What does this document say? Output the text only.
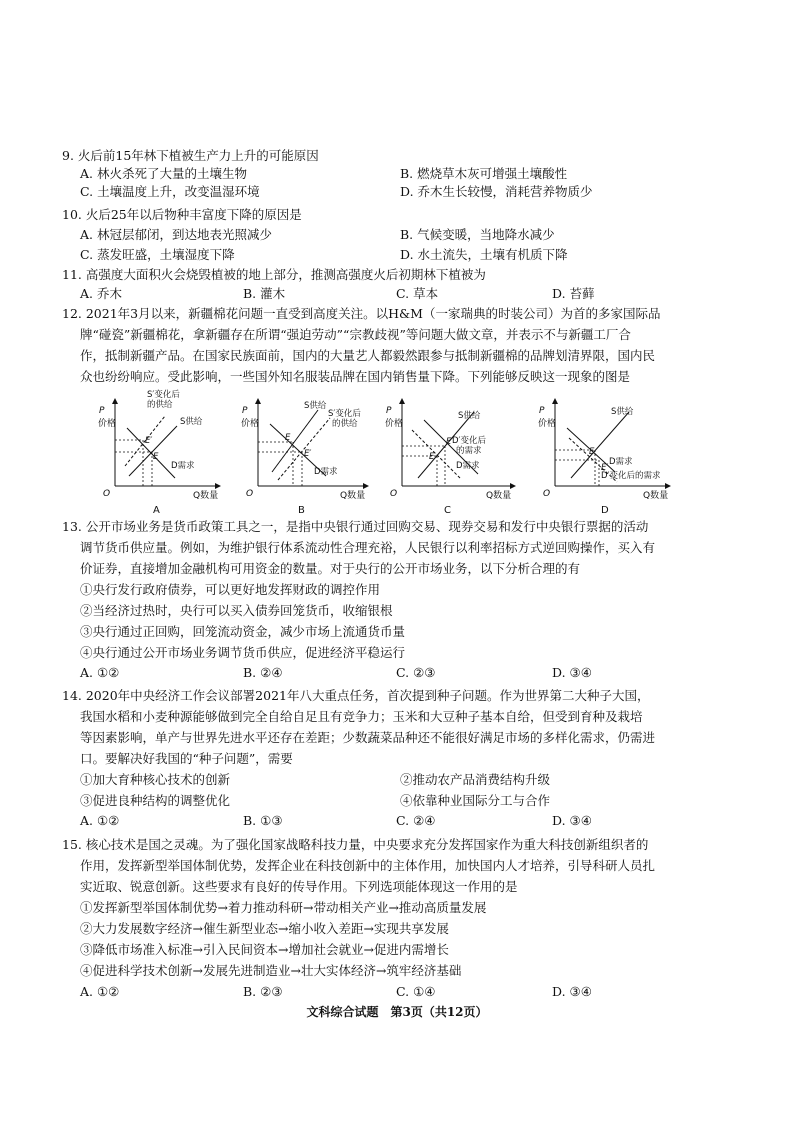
9. 火后前15年林下植被生产力上升的可能原因
A. 林火杀死了大量的土壤生物	B. 燃烧草木灰可增强土壤酸性
C. 土壤温度上升，改变温湿环境	D. 乔木生长较慢，消耗营养物质少
10. 火后25年以后物种丰富度下降的原因是
A. 林冠层郁闭，到达地表光照减少	B. 气候变暖，当地降水减少
C. 蒸发旺盛，土壤湿度下降	D. 水土流失，土壤有机质下降
11. 高强度大面积火会烧毁植被的地上部分，推测高强度火后初期林下植被为
A. 乔木	B. 灌木	C. 草本	D. 苔藓
12. 2021年3月以来，新疆棉花问题一直受到高度关注。以H&M（一家瑞典的时装公司）为首的多家国际品
牌“碰瓷”新疆棉花，拿新疆存在所谓“强迫劳动”“宗教歧视”等问题大做文章，并表示不与新疆工厂合
作，抵制新疆产品。在国家民族面前，国内的大量艺人都毅然跟参与抵制新疆棉的品牌划清界限，国内民
众也纷纷响应。受此影响，一些国外知名服装品牌在国内销售量下降。下列能够反映这一现象的图是
P
价格
O	Q数量
S′变化后
的供给
S供给
D需求
E
E′
A
P
价格
O	Q数量
S供给
S′变化后
的供给
D需求
E
E′
B
P
价格
O	Q数量
S供给
D′变化后
的需求
D需求
E
E′
C
P
价格
O	Q数量
S供给
D需求
D′变化后的需求
E
E′
D
13. 公开市场业务是货币政策工具之一，是指中央银行通过回购交易、现券交易和发行中央银行票据的活动
调节货币供应量。例如，为维护银行体系流动性合理充裕，人民银行以利率招标方式逆回购操作，买入有
价证券，直接增加金融机构可用资金的数量。对于央行的公开市场业务，以下分析合理的有
①央行发行政府债券，可以更好地发挥财政的调控作用
②当经济过热时，央行可以买入债券回笼货币，收缩银根
③央行通过正回购，回笼流动资金，减少市场上流通货币量
④央行通过公开市场业务调节货币供应，促进经济平稳运行
A. ①②	B. ②④	C. ②③	D. ③④
14. 2020年中央经济工作会议部署2021年八大重点任务，首次提到种子问题。作为世界第二大种子大国，
我国水稻和小麦种源能够做到完全自给自足且有竞争力；玉米和大豆种子基本自给，但受到育种及栽培
等因素影响，单产与世界先进水平还存在差距；少数蔬菜品种还不能很好满足市场的多样化需求，仍需进
口。要解决好我国的“种子问题”，需要
①加大育种核心技术的创新	②推动农产品消费结构升级
③促进良种结构的调整优化	④依靠种业国际分工与合作
A. ①②	B. ①③	C. ②④	D. ③④
15. 核心技术是国之灵魂。为了强化国家战略科技力量，中央要求充分发挥国家作为重大科技创新组织者的
作用，发挥新型举国体制优势，发挥企业在科技创新中的主体作用，加快国内人才培养，引导科研人员扎
实近取、锐意创新。这些要求有良好的传导作用。下列选项能体现这一作用的是
①发挥新型举国体制优势→着力推动科研→带动相关产业→推动高质量发展
②大力发展数字经济→催生新型业态→缩小收入差距→实现共享发展
③降低市场准入标准→引入民间资本→增加社会就业→促进内需增长
④促进科学技术创新→发展先进制造业→壮大实体经济→筑牢经济基础
A. ①②	B. ②③	C. ①④	D. ③④
文科综合试题　第3页（共12页）
